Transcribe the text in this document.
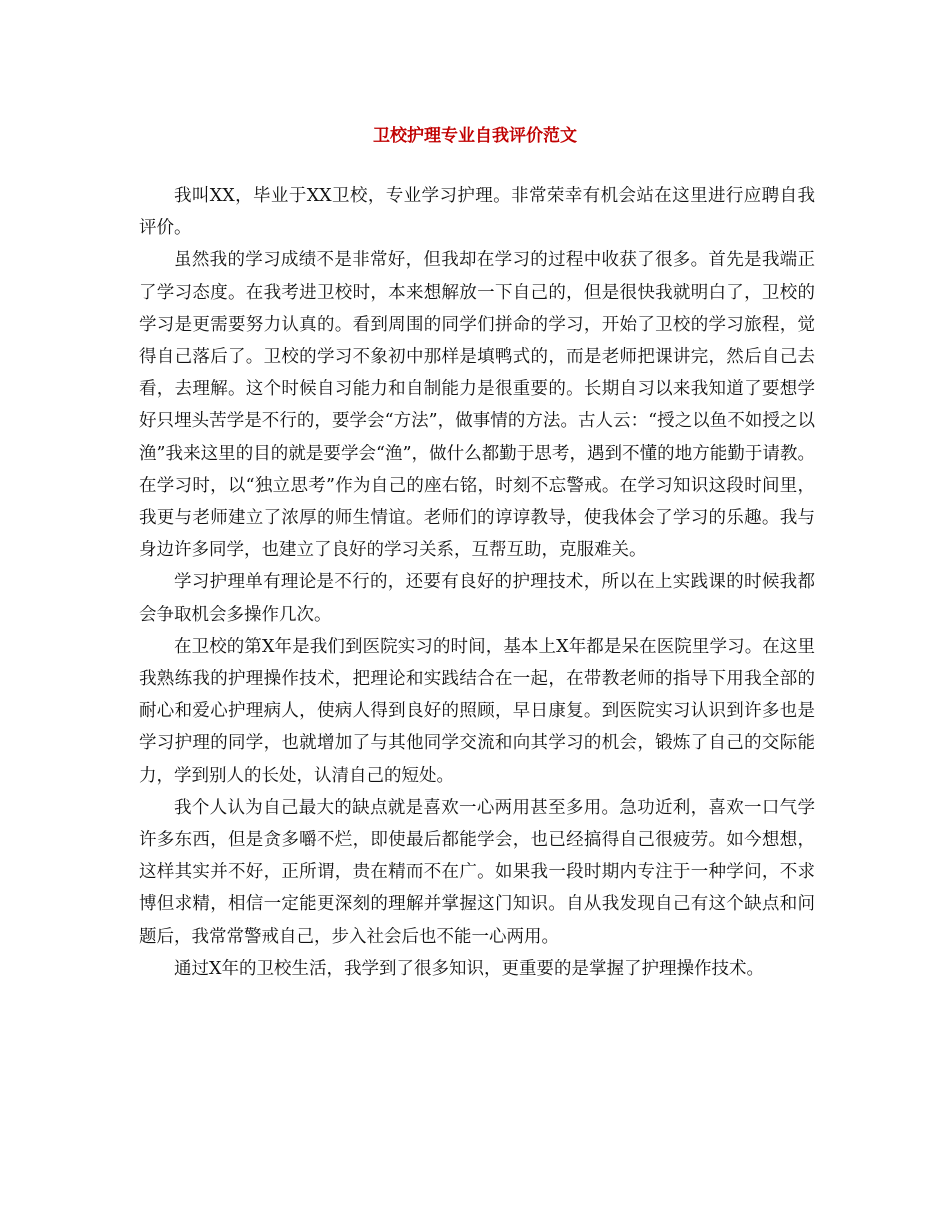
卫校护理专业自我评价范文

我叫XX，毕业于XX卫校，专业学习护理。非常荣幸有机会站在这里进行应聘自我评价。

虽然我的学习成绩不是非常好，但我却在学习的过程中收获了很多。首先是我端正了学习态度。在我考进卫校时，本来想解放一下自己的，但是很快我就明白了，卫校的学习是更需要努力认真的。看到周围的同学们拼命的学习，开始了卫校的学习旅程，觉得自己落后了。卫校的学习不象初中那样是填鸭式的，而是老师把课讲完，然后自己去看，去理解。这个时候自习能力和自制能力是很重要的。长期自习以来我知道了要想学好只埋头苦学是不行的，要学会“方法”，做事情的方法。古人云：“授之以鱼不如授之以渔”我来这里的目的就是要学会“渔”，做什么都勤于思考，遇到不懂的地方能勤于请教。在学习时，以“独立思考”作为自己的座右铭，时刻不忘警戒。在学习知识这段时间里，我更与老师建立了浓厚的师生情谊。老师们的谆谆教导，使我体会了学习的乐趣。我与身边许多同学，也建立了良好的学习关系，互帮互助，克服难关。

学习护理单有理论是不行的，还要有良好的护理技术，所以在上实践课的时候我都会争取机会多操作几次。

在卫校的第X年是我们到医院实习的时间，基本上X年都是呆在医院里学习。在这里我熟练我的护理操作技术，把理论和实践结合在一起，在带教老师的指导下用我全部的耐心和爱心护理病人，使病人得到良好的照顾，早日康复。到医院实习认识到许多也是学习护理的同学，也就增加了与其他同学交流和向其学习的机会，锻炼了自己的交际能力，学到别人的长处，认清自己的短处。

我个人认为自己最大的缺点就是喜欢一心两用甚至多用。急功近利，喜欢一口气学许多东西，但是贪多嚼不烂，即使最后都能学会，也已经搞得自己很疲劳。如今想想，这样其实并不好，正所谓，贵在精而不在广。如果我一段时期内专注于一种学问，不求博但求精，相信一定能更深刻的理解并掌握这门知识。自从我发现自己有这个缺点和问题后，我常常警戒自己，步入社会后也不能一心两用。

通过X年的卫校生活，我学到了很多知识，更重要的是掌握了护理操作技术。
